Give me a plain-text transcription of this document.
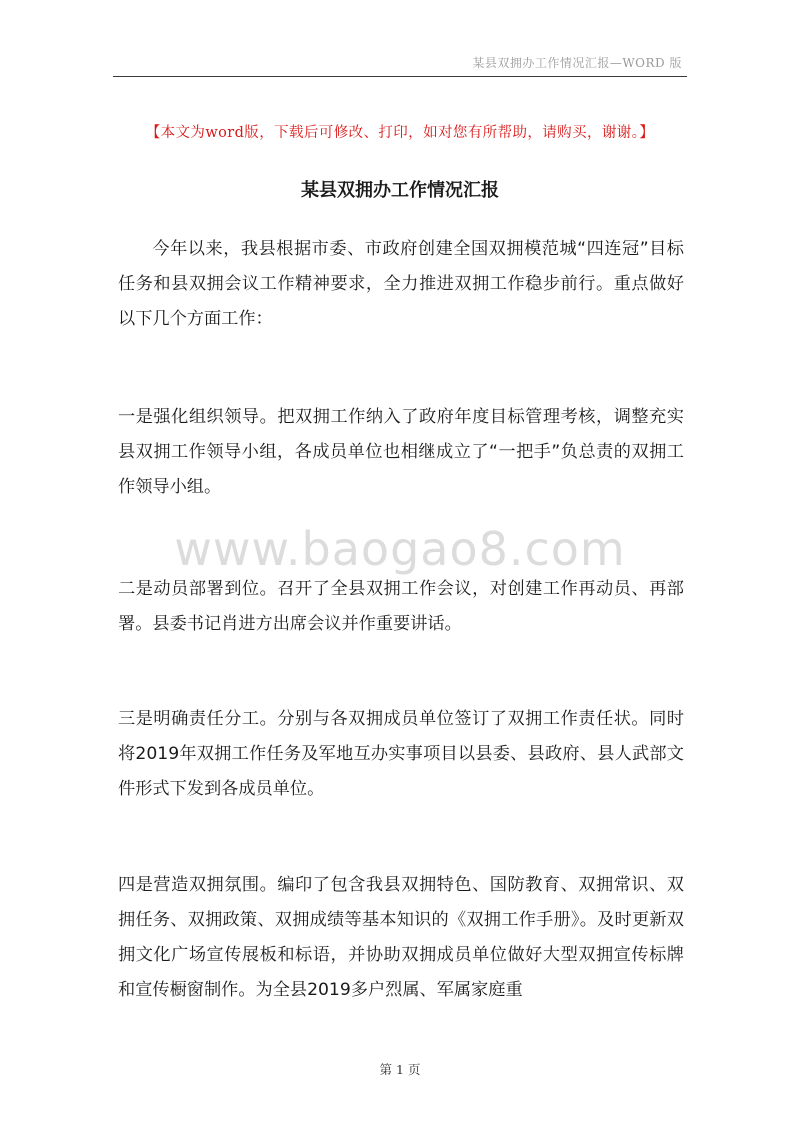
某县双拥办工作情况汇报—WORD 版
【本文为word版，下载后可修改、打印，如对您有所帮助，请购买，谢谢。】
某县双拥办工作情况汇报

今年以来，我县根据市委、市政府创建全国双拥模范城“四连冠”目标任务和县双拥会议工作精神要求，全力推进双拥工作稳步前行。重点做好以下几个方面工作：

一是强化组织领导。把双拥工作纳入了政府年度目标管理考核，调整充实县双拥工作领导小组，各成员单位也相继成立了“一把手”负总责的双拥工作领导小组。

www.baogao8.com

二是动员部署到位。召开了全县双拥工作会议，对创建工作再动员、再部署。县委书记肖进方出席会议并作重要讲话。

三是明确责任分工。分别与各双拥成员单位签订了双拥工作责任状。同时将2019年双拥工作任务及军地互办实事项目以县委、县政府、县人武部文件形式下发到各成员单位。

四是营造双拥氛围。编印了包含我县双拥特色、国防教育、双拥常识、双拥任务、双拥政策、双拥成绩等基本知识的《双拥工作手册》。及时更新双拥文化广场宣传展板和标语，并协助双拥成员单位做好大型双拥宣传标牌和宣传橱窗制作。为全县2019多户烈属、军属家庭重

第 1 页
